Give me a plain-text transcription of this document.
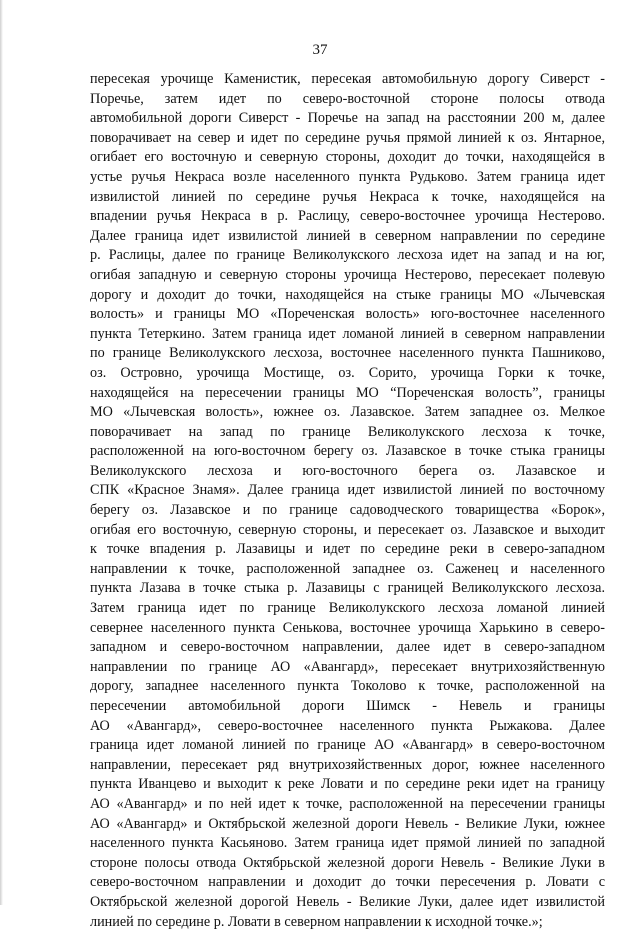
37
пересекая урочище Каменистик, пересекая автомобильную дорогу Сиверст -
Поречье, затем идет по северо-восточной стороне полосы отвода
автомобильной дороги Сиверст - Поречье на запад на расстоянии 200 м, далее
поворачивает на север и идет по середине ручья прямой линией к оз. Янтарное,
огибает его восточную и северную стороны, доходит до точки, находящейся в
устье ручья Некраса возле населенного пункта Рудьково. Затем граница идет
извилистой линией по середине ручья Некраса к точке, находящейся на
впадении ручья Некраса в р. Раслицу, северо-восточнее урочища Нестерово.
Далее граница идет извилистой линией в северном направлении по середине
р. Раслицы, далее по границе Великолукского лесхоза идет на запад и на юг,
огибая западную и северную стороны урочища Нестерово, пересекает полевую
дорогу и доходит до точки, находящейся на стыке границы МО «Лычевская
волость» и границы МО «Пореченская волость» юго-восточнее населенного
пункта Тетеркино. Затем граница идет ломаной линией в северном направлении
по границе Великолукского лесхоза, восточнее населенного пункта Пашниково,
оз. Островно, урочища Мостище, оз. Сорито, урочища Горки к точке,
находящейся на пересечении границы МО “Пореченская волость”, границы
МО «Лычевская волость», южнее оз. Лазавское. Затем западнее оз. Мелкое
поворачивает на запад по границе Великолукского лесхоза к точке,
расположенной на юго-восточном берегу оз. Лазавское в точке стыка границы
Великолукского лесхоза и юго-восточного берега оз. Лазавское и
СПК «Красное Знамя». Далее граница идет извилистой линией по восточному
берегу оз. Лазавское и по границе садоводческого товарищества «Борок»,
огибая его восточную, северную стороны, и пересекает оз. Лазавское и выходит
к точке впадения р. Лазавицы и идет по середине реки в северо-западном
направлении к точке, расположенной западнее оз. Саженец и населенного
пункта Лазава в точке стыка р. Лазавицы с границей Великолукского лесхоза.
Затем граница идет по границе Великолукского лесхоза ломаной линией
севернее населенного пункта Сенькова, восточнее урочища Харькино в северо-
западном и северо-восточном направлении, далее идет в северо-западном
направлении по границе АО «Авангард», пересекает внутрихозяйственную
дорогу, западнее населенного пункта Токолово к точке, расположенной на
пересечении автомобильной дороги Шимск - Невель и границы
АО «Авангард», северо-восточнее населенного пункта Рыжакова. Далее
граница идет ломаной линией по границе АО «Авангард» в северо-восточном
направлении, пересекает ряд внутрихозяйственных дорог, южнее населенного
пункта Иванцево и выходит к реке Ловати и по середине реки идет на границу
АО «Авангард» и по ней идет к точке, расположенной на пересечении границы
АО «Авангард» и Октябрьской железной дороги Невель - Великие Луки, южнее
населенного пункта Касьяново. Затем граница идет прямой линией по западной
стороне полосы отвода Октябрьской железной дороги Невель - Великие Луки в
северо-восточном направлении и доходит до точки пересечения р. Ловати с
Октябрьской железной дорогой Невель - Великие Луки, далее идет извилистой
линией по середине р. Ловати в северном направлении к исходной точке.»;
